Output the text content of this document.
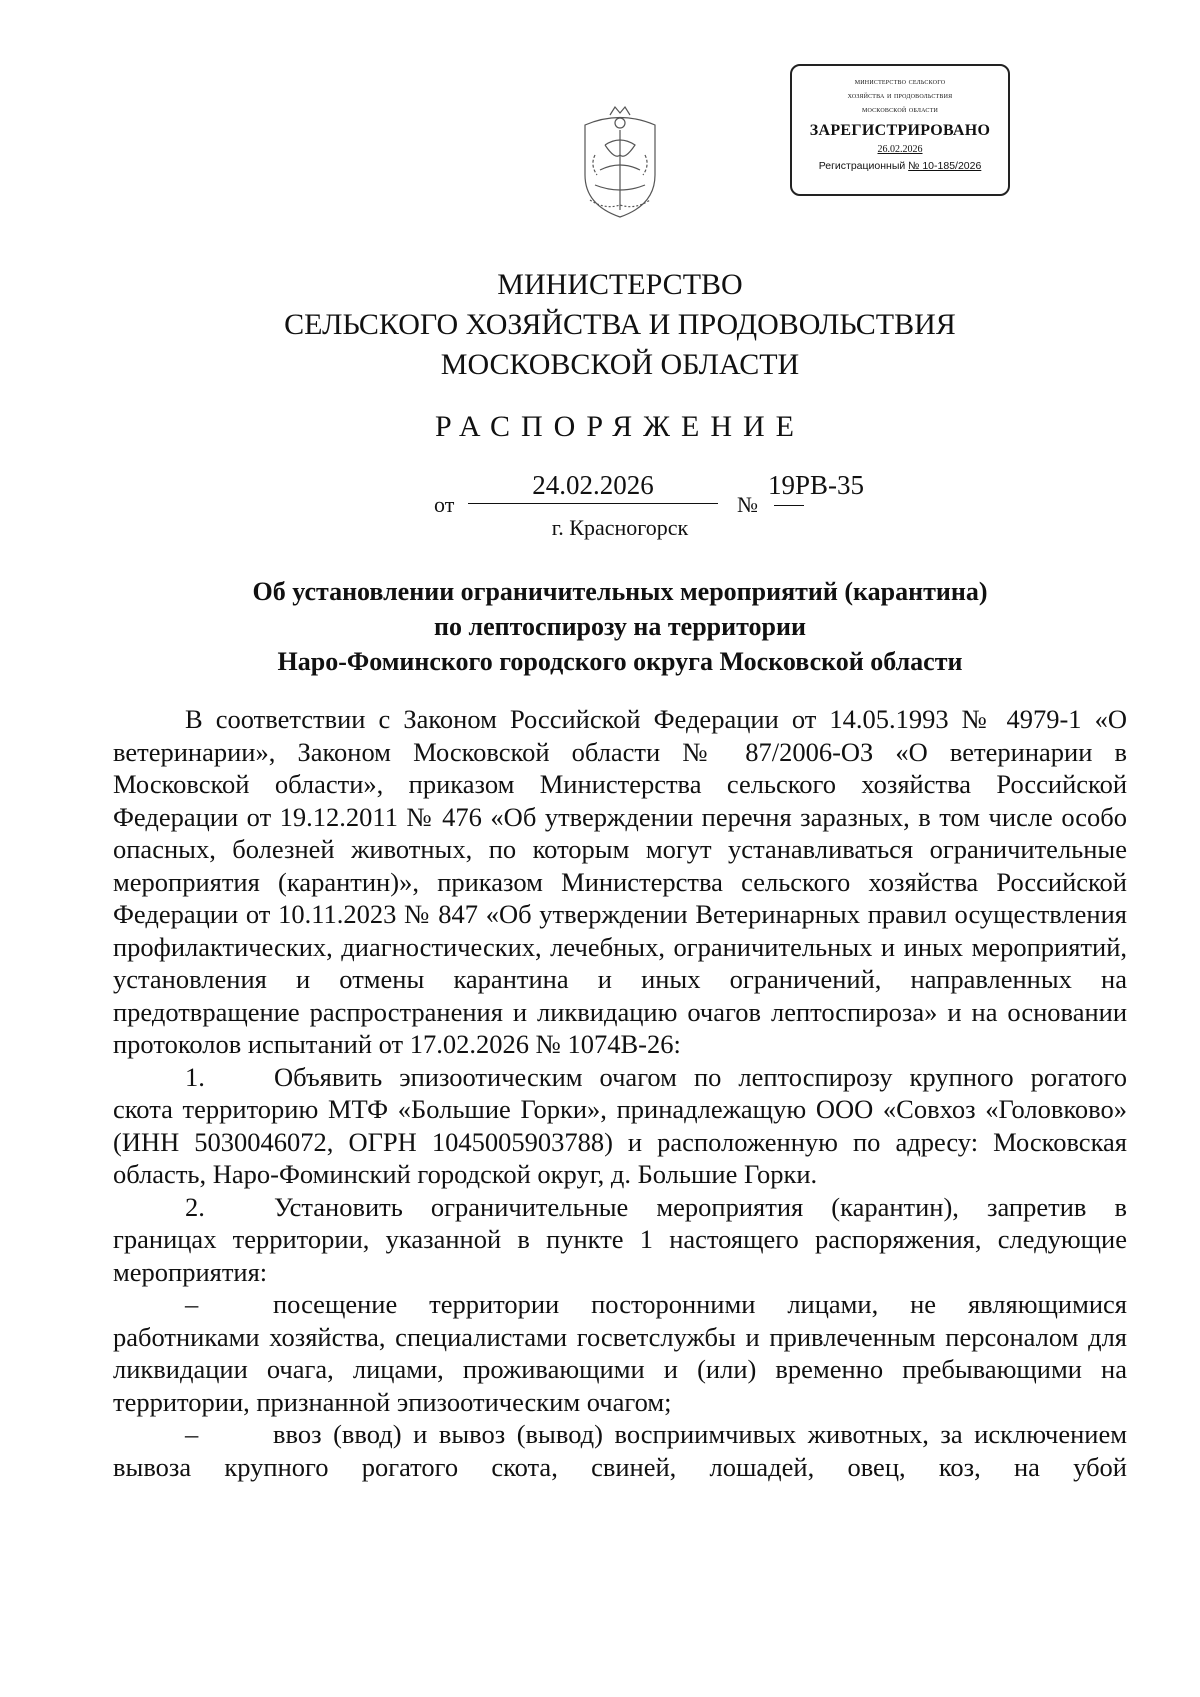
министерство сельского
хозяйства и продовольствия
московской области
ЗАРЕГИСТРИРОВАНО
26.02.2026
Регистрационный № 10-185/2026
МИНИСТЕРСТВО
СЕЛЬСКОГО ХОЗЯЙСТВА И ПРОДОВОЛЬСТВИЯ
МОСКОВСКОЙ ОБЛАСТИ
РАСПОРЯЖЕНИЕ
от
24.02.2026
№
19РВ-35
г. Красногорск
Об установлении ограничительных мероприятий (карантина)
по лептоспирозу на территории
Наро-Фоминского городского округа Московской области

В соответствии с Законом Российской Федерации от 14.05.1993 № 4979-1 «О ветеринарии», Законом Московской области № 87/2006-ОЗ «О ветеринарии в Московской области», приказом Министерства сельского хозяйства Российской Федерации от 19.12.2011 № 476 «Об утверждении перечня заразных, в том числе особо опасных, болезней животных, по которым могут устанавливаться ограничительные мероприятия (карантин)», приказом Министерства сельского хозяйства Российской Федерации от 10.11.2023 № 847 «Об утверждении Ветеринарных правил осуществления профилактических, диагностических, лечебных, ограничительных и иных мероприятий, установления и отмены карантина и иных ограничений, направленных на предотвращение распространения и ликвидацию очагов лептоспироза» и на основании протоколов испытаний от 17.02.2026 № 1074В-26:

1.	Объявить эпизоотическим очагом по лептоспирозу крупного рогатого скота территорию МТФ «Большие Горки», принадлежащую ООО «Совхоз «Головково» (ИНН 5030046072, ОГРН 1045005903788) и расположенную по адресу: Московская область, Наро-Фоминский городской округ, д. Большие Горки.

2.	Установить ограничительные мероприятия (карантин), запретив в границах территории, указанной в пункте 1 настоящего распоряжения, следующие мероприятия:

–	посещение территории посторонними лицами, не являющимися работниками хозяйства, специалистами госветслужбы и привлеченным персоналом для ликвидации очага, лицами, проживающими и (или) временно пребывающими на территории, признанной эпизоотическим очагом;

–	ввоз (ввод) и вывоз (вывод) восприимчивых животных, за исключением вывоза крупного рогатого скота, свиней, лошадей, овец, коз, на убой
